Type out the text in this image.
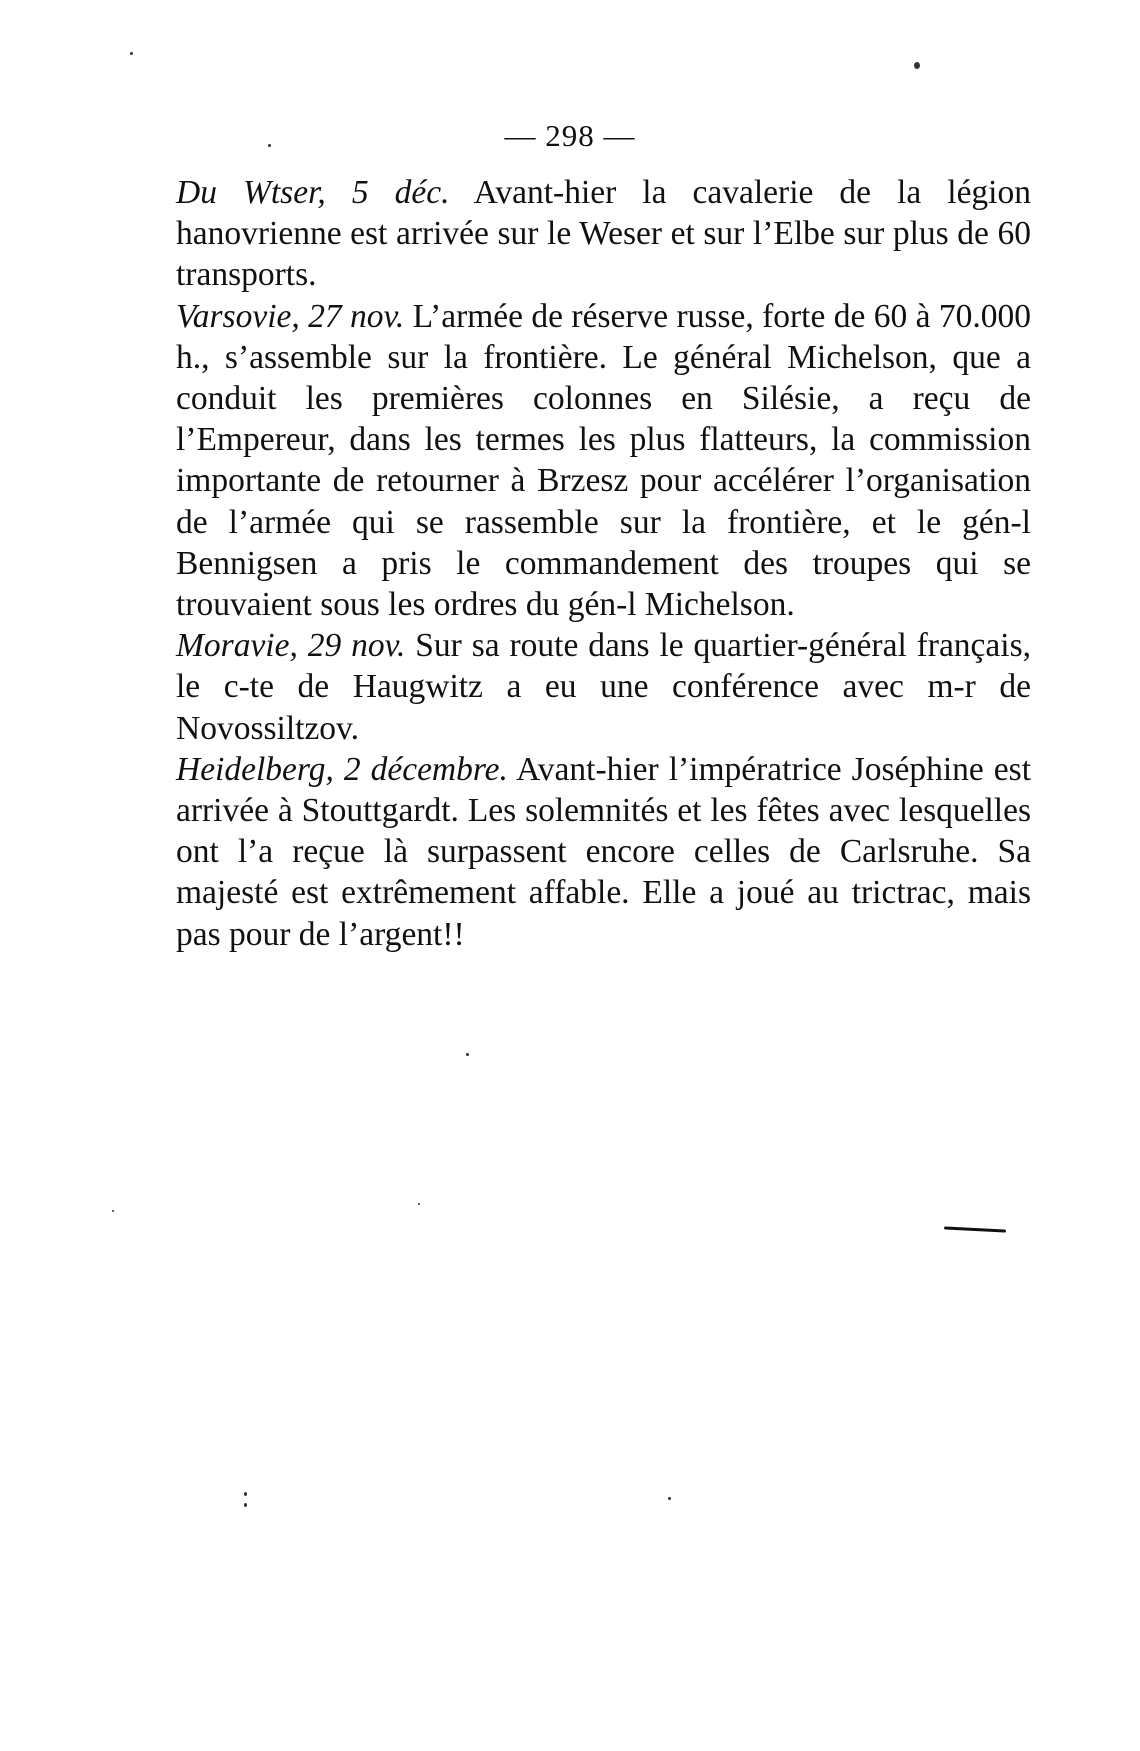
— 298 —

Du Wtser, 5 déc. Avant-hier la cavalerie de la légion hanovrienne est arrivée sur le Weser et sur l’Elbe sur plus de 60 transports.

Varsovie, 27 nov. L’armée de réserve russe, forte de 60 à 70.000 h., s’assemble sur la frontière. Le général Michelson, que a conduit les premières colonnes en Silésie, a reçu de l’Empereur, dans les termes les plus flatteurs, la commission importante de retourner à Brzesz pour accélérer l’organisation de l’armée qui se rassemble sur la frontière, et le gén-l Bennigsen a pris le commandement des troupes qui se trouvaient sous les ordres du gén-l Michelson.

Moravie, 29 nov. Sur sa route dans le quartier-général français, le c-te de Haugwitz a eu une conférence avec m-r de Novossiltzov.

Heidelberg, 2 décembre. Avant-hier l’impératrice Joséphine est arrivée à Stouttgardt. Les solemnités et les fêtes avec lesquelles ont l’a reçue là surpassent encore celles de Carlsruhe. Sa majesté est extrêmement affable. Elle a joué au trictrac, mais pas pour de l’argent!!
